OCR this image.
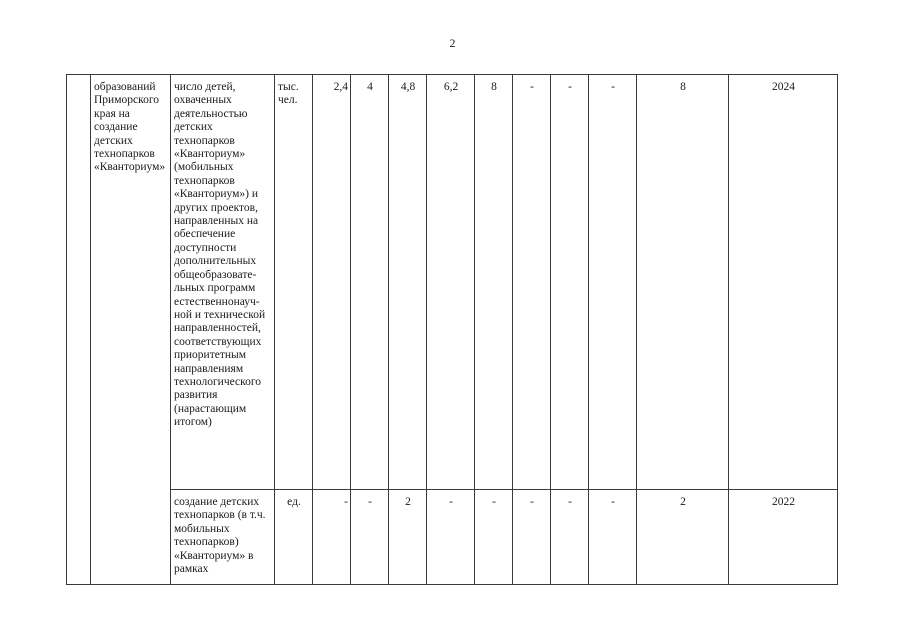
2
	образований Приморского края на создание детских технопарков «Кванториум»	число детей, охваченных деятельностью детских технопарков «Кванториум» (мобильных технопарков «Кванториум») и других проектов, направленных на обеспечение доступности дополнительных общеобразовате-льных программ естественнонауч-ной и технической направленностей, соответствующих приоритетным направлениям технологического развития (нарастающим итогом)	тыс. чел.	2,4	4	4,8	6,2	8	-	-	-	8	2024
		создание детских технопарков (в т.ч. мобильных технопарков) «Кванториум» в рамках	ед.	-	-	2	-	-	-	-	-	2	2022
